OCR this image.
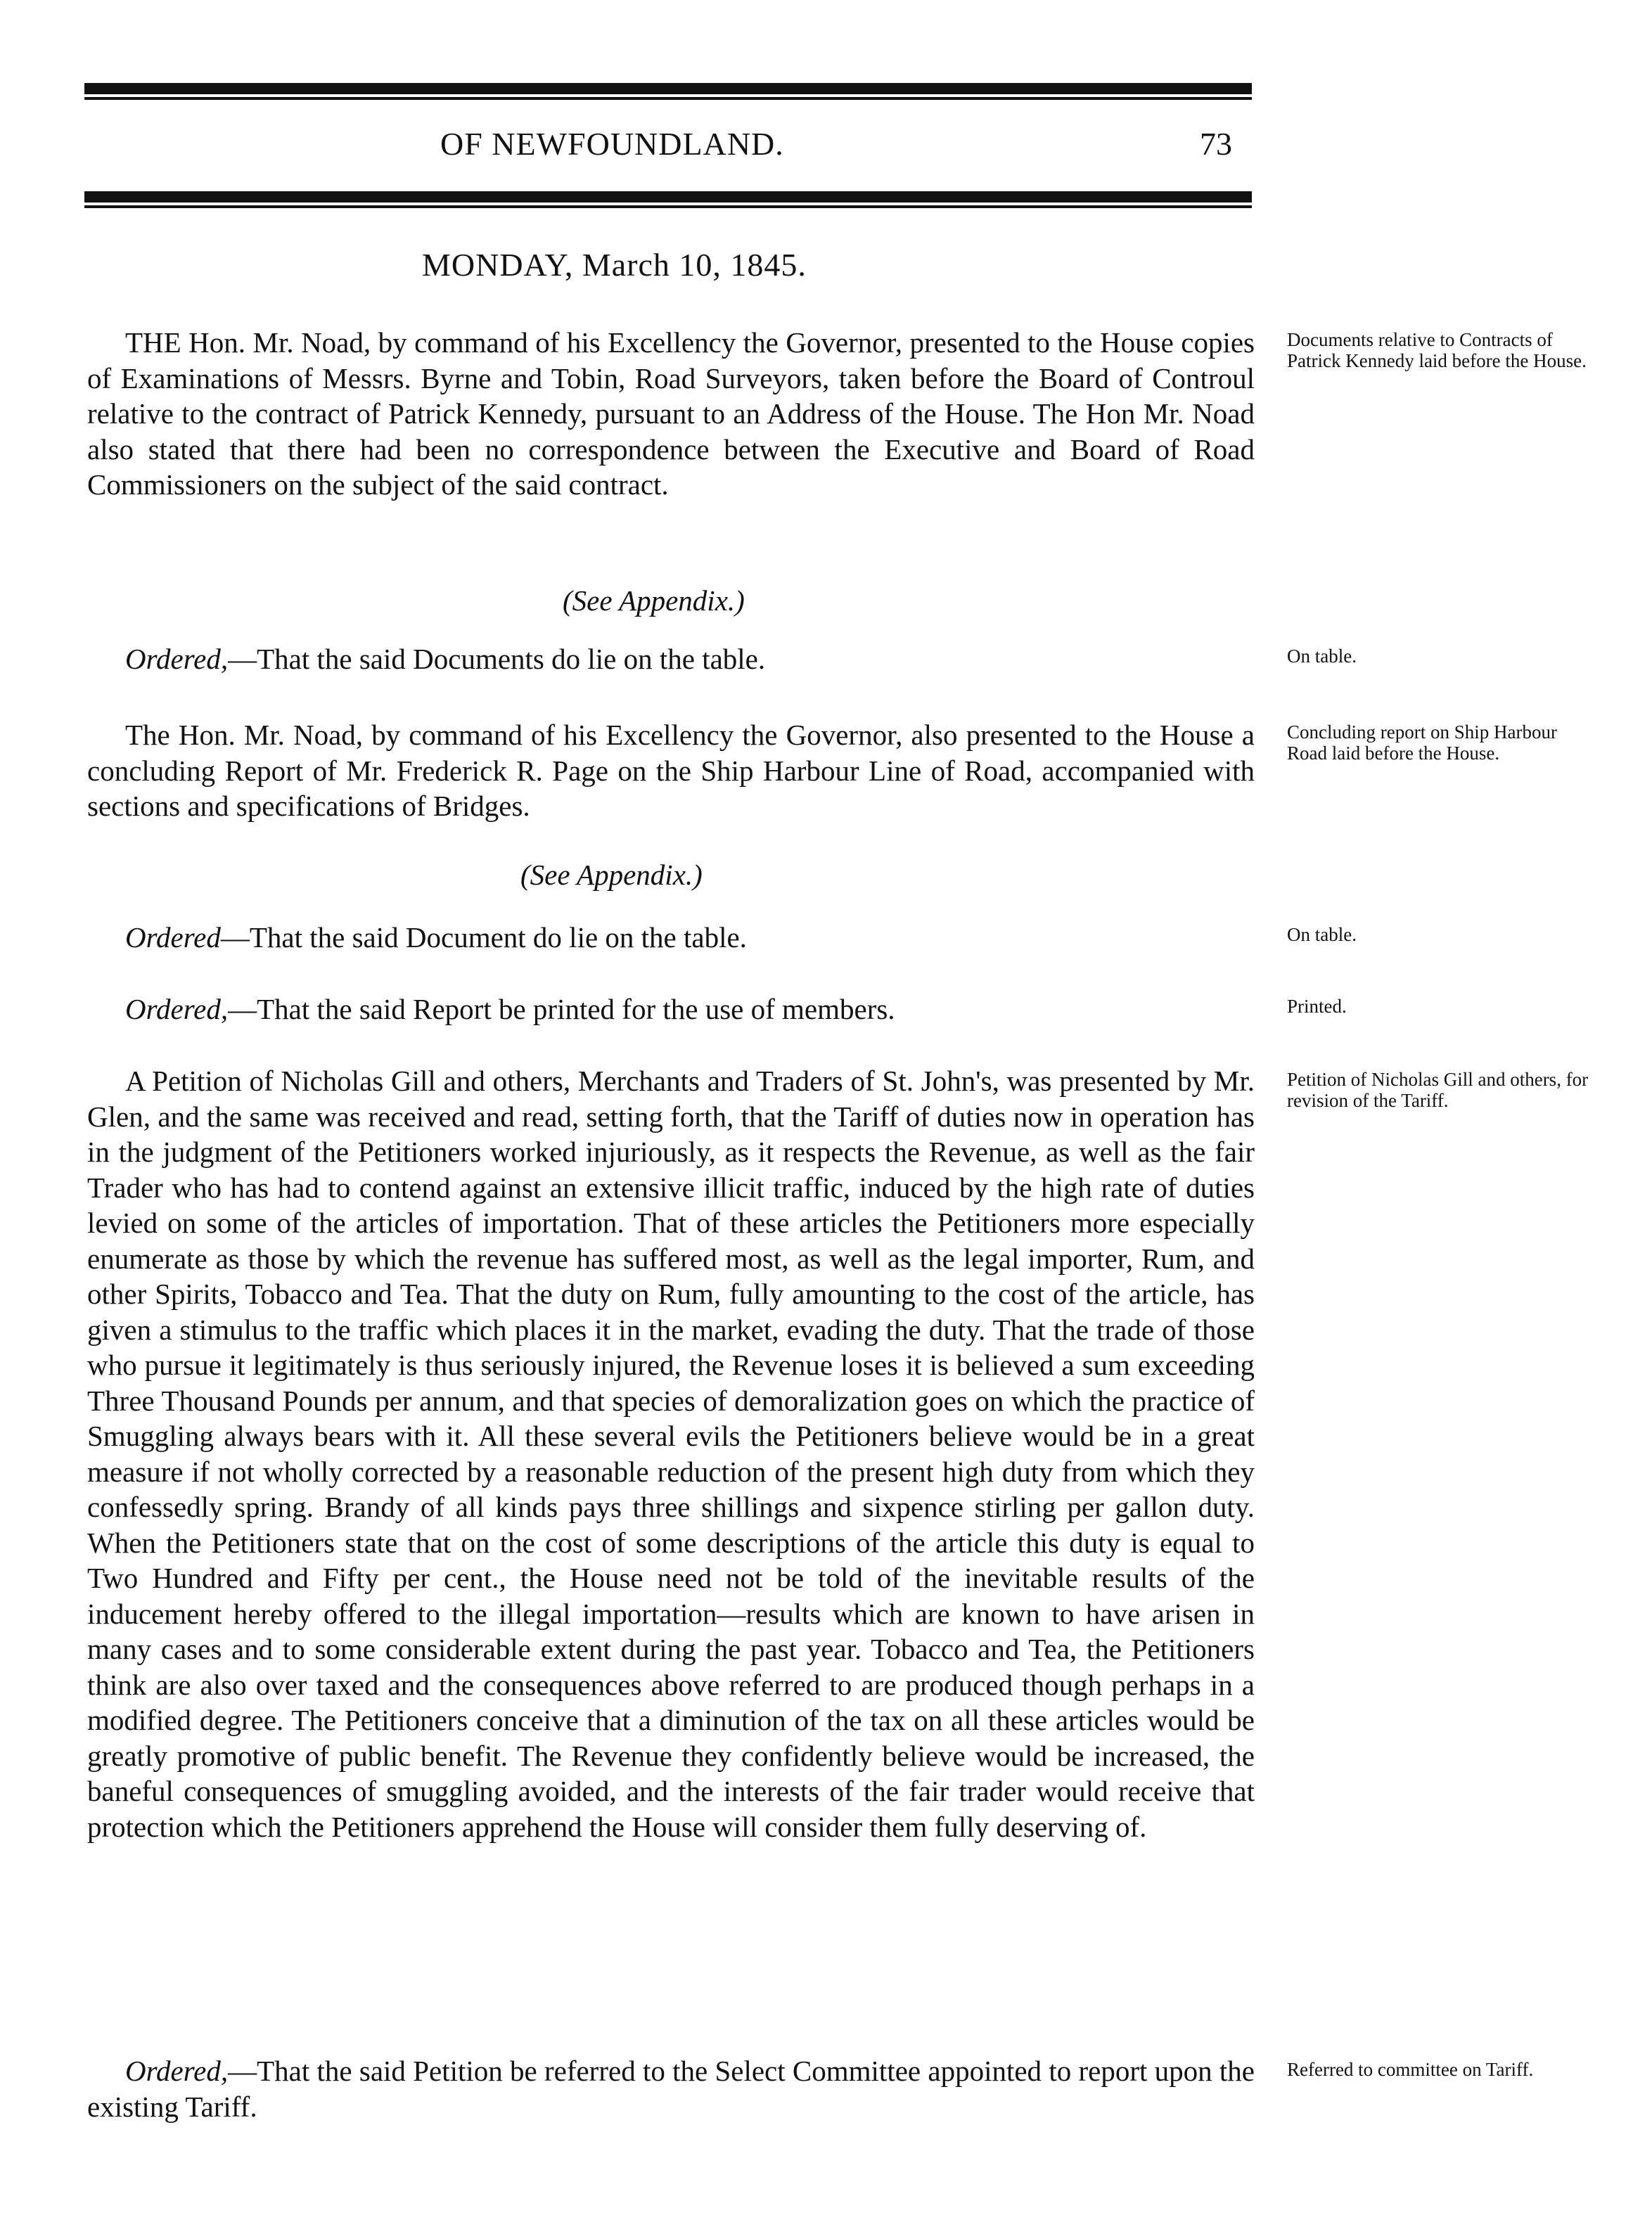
OF NEWFOUNDLAND.	73
MONDAY, March 10, 1845.

THE Hon. Mr. Noad, by command of his Excellency the Governor, presented to the House copies of Examinations of Messrs. Byrne and Tobin, Road Surveyors, taken before the Board of Controul relative to the contract of Patrick Kennedy, pursuant to an Address of the House. The Hon Mr. Noad also stated that there had been no correspondence between the Executive and Board of Road Commissioners on the subject of the said contract.

Documents relative to Contracts of Patrick Kennedy laid before the House.
(See Appendix.)

Ordered,—That the said Documents do lie on the table.	On table.

The Hon. Mr. Noad, by command of his Excellency the Governor, also presented to the House a concluding Report of Mr. Frederick R. Page on the Ship Harbour Line of Road, accompanied with sections and specifications of Bridges.

Concluding report on Ship Harbour Road laid before the House.
(See Appendix.)

Ordered—That the said Document do lie on the table.	On table.

Ordered,—That the said Report be printed for the use of members.	Printed.

A Petition of Nicholas Gill and others, Merchants and Traders of St. John's, was presented by Mr. Glen, and the same was received and read, setting forth, that the Tariff of duties now in operation has in the judgment of the Petitioners worked injuriously, as it respects the Revenue, as well as the fair Trader who has had to contend against an extensive illicit traffic, induced by the high rate of duties levied on some of the articles of importation. That of these articles the Petitioners more especially enumerate as those by which the revenue has suffered most, as well as the legal importer, Rum, and other Spirits, Tobacco and Tea. That the duty on Rum, fully amounting to the cost of the article, has given a stimulus to the traffic which places it in the market, evading the duty. That the trade of those who pursue it legitimately is thus seriously injured, the Revenue loses it is believed a sum exceeding Three Thousand Pounds per annum, and that species of demoralization goes on which the practice of Smuggling always bears with it. All these several evils the Petitioners believe would be in a great measure if not wholly corrected by a reasonable reduction of the present high duty from which they confessedly spring. Brandy of all kinds pays three shillings and sixpence stirling per gallon duty. When the Petitioners state that on the cost of some descriptions of the article this duty is equal to Two Hundred and Fifty per cent., the House need not be told of the inevitable results of the inducement hereby offered to the illegal importation—results which are known to have arisen in many cases and to some considerable extent during the past year. Tobacco and Tea, the Petitioners think are also over taxed and the consequences above referred to are produced though perhaps in a modified degree. The Petitioners conceive that a diminution of the tax on all these articles would be greatly promotive of public benefit. The Revenue they confidently believe would be increased, the baneful consequences of smuggling avoided, and the interests of the fair trader would receive that protection which the Petitioners apprehend the House will consider them fully deserving of.

Petition of Nicholas Gill and others, for revision of the Tariff.

Ordered,—That the said Petition be referred to the Select Committee appointed to report upon the existing Tariff.

Referred to committee on Tariff.
